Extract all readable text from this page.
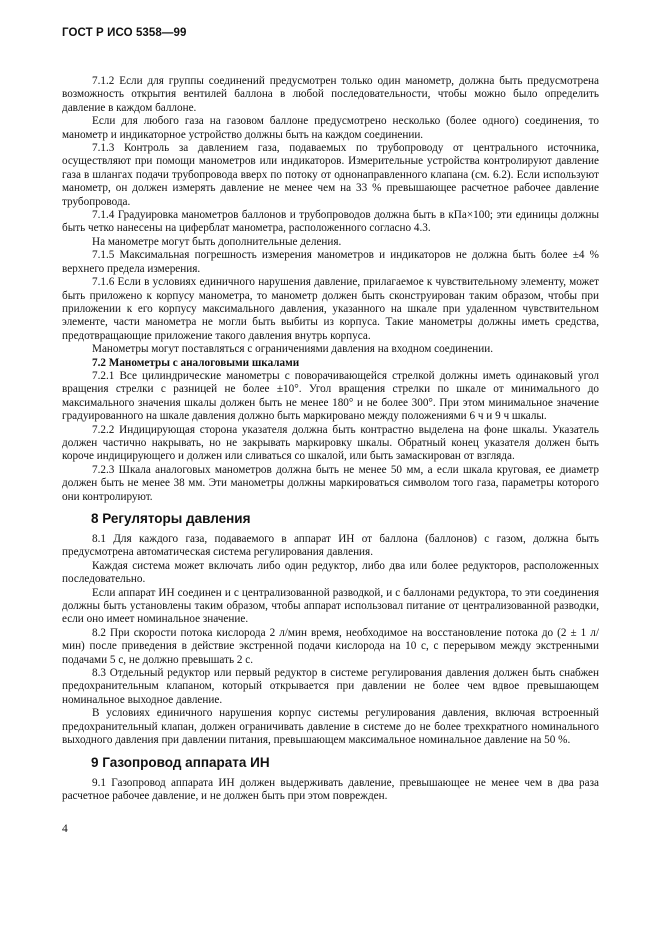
ГОСТ Р ИСО 5358—99

7.1.2 Если для группы соединений предусмотрен только один манометр, должна быть предусмотрена возможность открытия вентилей баллона в любой последовательности, чтобы можно было определить давление в каждом баллоне.

Если для любого газа на газовом баллоне предусмотрено несколько (более одного) соединения, то манометр и индикаторное устройство должны быть на каждом соединении.

7.1.3 Контроль за давлением газа, подаваемых по трубопроводу от центрального источника, осуществляют при помощи манометров или индикаторов. Измерительные устройства контролируют давление газа в шлангах подачи трубопровода вверх по потоку от однонаправленного клапана (см. 6.2). Если используют манометр, он должен измерять давление не менее чем на 33 % превышающее расчетное рабочее давление трубопровода.

7.1.4 Градуировка манометров баллонов и трубопроводов должна быть в кПа×100; эти единицы должны быть четко нанесены на циферблат манометра, расположенного согласно 4.3.

На манометре могут быть дополнительные деления.

7.1.5 Максимальная погрешность измерения манометров и индикаторов не должна быть более ±4 % верхнего предела измерения.

7.1.6 Если в условиях единичного нарушения давление, прилагаемое к чувствительному элементу, может быть приложено к корпусу манометра, то манометр должен быть сконструирован таким образом, чтобы при приложении к его корпусу максимального давления, указанного на шкале при удаленном чувствительном элементе, части манометра не могли быть выбиты из корпуса. Такие манометры должны иметь средства, предотвращающие приложение такого давления внутрь корпуса.

Манометры могут поставляться с ограничениями давления на входном соединении.

7.2 Манометры с аналоговыми шкалами

7.2.1 Все цилиндрические манометры с поворачивающейся стрелкой должны иметь одинаковый угол вращения стрелки с разницей не более ±10°. Угол вращения стрелки по шкале от минимального до максимального значения шкалы должен быть не менее 180° и не более 300°. При этом минимальное значение градуированного на шкале давления должно быть маркировано между положениями 6 ч и 9 ч шкалы.

7.2.2 Индицирующая сторона указателя должна быть контрастно выделена на фоне шкалы. Указатель должен частично накрывать, но не закрывать маркировку шкалы. Обратный конец указателя должен быть короче индицирующего и должен или сливаться со шкалой, или быть замаскирован от взгляда.

7.2.3 Шкала аналоговых манометров должна быть не менее 50 мм, а если шкала круговая, ее диаметр должен быть не менее 38 мм. Эти манометры должны маркироваться символом того газа, параметры которого они контролируют.

8 Регуляторы давления

8.1 Для каждого газа, подаваемого в аппарат ИН от баллона (баллонов) с газом, должна быть предусмотрена автоматическая система регулирования давления.

Каждая система может включать либо один редуктор, либо два или более редукторов, расположенных последовательно.

Если аппарат ИН соединен и с централизованной разводкой, и с баллонами редуктора, то эти соединения должны быть установлены таким образом, чтобы аппарат использовал питание от централизованной разводки, если оно имеет номинальное значение.

8.2 При скорости потока кислорода 2 л/мин время, необходимое на восстановление потока до (2 ± 1 л/мин) после приведения в действие экстренной подачи кислорода на 10 с, с перерывом между экстренными подачами 5 с, не должно превышать 2 с.

8.3 Отдельный редуктор или первый редуктор в системе регулирования давления должен быть снабжен предохранительным клапаном, который открывается при давлении не более чем вдвое превышающем номинальное выходное давление.

В условиях единичного нарушения корпус системы регулирования давления, включая встроенный предохранительный клапан, должен ограничивать давление в системе до не более трехкратного номинального выходного давления при давлении питания, превышающем максимальное номинальное давление на 50 %.

9 Газопровод аппарата ИН

9.1 Газопровод аппарата ИН должен выдерживать давление, превышающее не менее чем в два раза расчетное рабочее давление, и не должен быть при этом поврежден.

4
